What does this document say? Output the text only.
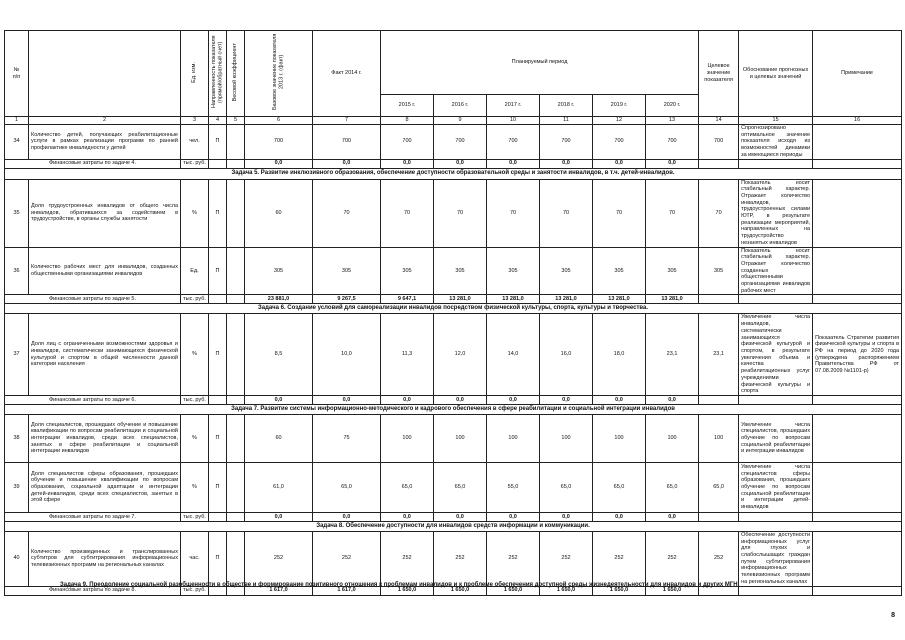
№
п/п		Ед. изм.	Направленность показателя (прямой/обратный счет)	Весовой коэффициент	Базовое значение показателя 2013 г. (факт)	Факт 2014 г.	Планируемый период						Целевое значение показателя	Обоснование прогнозных и целевых значений	Примечание
							2015 г.	2016 г.	2017 г.	2018 г.	2019 г.	2020 г.			
1	2	3	4	5	6	7	8	9	10	11	12	13	14	15	16
34	Количество детей, получающих реабилитационные услуги в рамках реализации программ по ранней профилактике инвалидности у детей	чел.	П		700	700	700	700	700	700	700	700	700	Спрогнозировано оптимальное значение показателя исходя из возможностей динамики за имеющиеся периоды	
Финансовые затраты по задаче 4.		тыс. руб.			0,0	0,0	0,0	0,0	0,0	0,0	0,0	0,0			
Задача 5. Развитие инклюзивного образования, обеспечение доступности образовательной среды и занятости инвалидов, в т.ч. детей-инвалидов.															
35	Доля трудоустроенных инвалидов от общего числа инвалидов, обратившихся за содействием в трудоустройстве, в органы службы занятости	%	П		60	70	70	70	70	70	70	70	70	Показатель носит стабильный характер. Отражает количество инвалидов, трудоустроенных силами ЮТР, в результате реализации мероприятий, направленных на трудоустройство незанятых инвалидов	
36	Количество рабочих мест для инвалидов, созданных общественными организациями инвалидов	Ед.	П		305	305	305	305	305	305	305	305	305	Показатель носит стабильный характер. Отражает количество созданных общественными организациями инвалидов рабочих мест	
Финансовые затраты по задаче 5.		тыс. руб.			23 881,0	9 267,5	9 647,1	13 281,0	13 281,0	13 281,0	13 281,0	13 281,0			
Задача 6. Создание условий для самореализации инвалидов посредством физической культуры, спорта, культуры и творчества.															
37	Доля лиц с ограниченными возможностями здоровья и инвалидов, систематически занимающихся физической культурой и спортом в общей численности данной категории населения	%	П		8,5	10,0	11,3	12,0	14,0	16,0	18,0	23,1	23,1	Увеличение числа инвалидов, систематически занимающихся физической культурой и спортом, в результате увеличения объема и качества реабилитационных услуг учреждениями физической культуры и спорта	Показатель Стратегии развития физической культуры и спорта в РФ на период до 2020 года (утверждена распоряжением Правительства РФ от 07.08.2009 №1101-р)
Финансовые затраты по задаче 6.		тыс. руб.			0,0	0,0	0,0	0,0	0,0	0,0	0,0	0,0			
Задача 7. Развитие системы информационно-методического и кадрового обеспечения в сфере реабилитации и социальной интеграции инвалидов															
38	Доля специалистов, прошедших обучение и повышение квалификации по вопросам реабилитации и социальной интеграции инвалидов, среди всех специалистов, занятых в сфере реабилитации и социальной интеграции инвалидов	%	П		60	75	100	100	100	100	100	100	100	Увеличение числа специалистов, прошедших обучение по вопросам социальной реабилитации и интеграции инвалидов	
39	Доля специалистов сферы образования, прошедших обучение и повышение квалификации по вопросам образования, социальной адаптации и интеграции детей-инвалидов, среди всех специалистов, занятых в этой сфере	%	П		61,0	65,0	65,0	65,0	55,0	65,0	65,0	65,0	65,0	Увеличение числа специалистов сферы образования, прошедших обучение по вопросам социальной реабилитации и интеграции детей-инвалидов	
Финансовые затраты по задаче 7.		тыс. руб.			0,0	0,0	0,0	0,0	0,0	0,0	0,0	0,0			
Задача 8. Обеспечение доступности для инвалидов средств информации и коммуникации.															
40	Количество произведенных и транслированных субтитров для субтитрирования информационных телевизионных программ на региональных каналах	час.	П		252	252	252	252	252	252	252	252	252	Обеспечение доступности информационных услуг для глухих и слабослышащих граждан путем субтитрирования информационных телевизионных программ на региональных каналах	
Финансовые затраты по задаче 8.		тыс. руб.			1 617,0	1 617,0	1 650,0	1 650,0	1 650,0	1 650,0	1 650,0	1 650,0			
Задача 9. Преодоление социальной разобщенности в обществе и формирование позитивного отношения к проблемам инвалидов и к проблеме обеспечения доступной среды жизнедеятельности для инвалидов и других МГН
8
